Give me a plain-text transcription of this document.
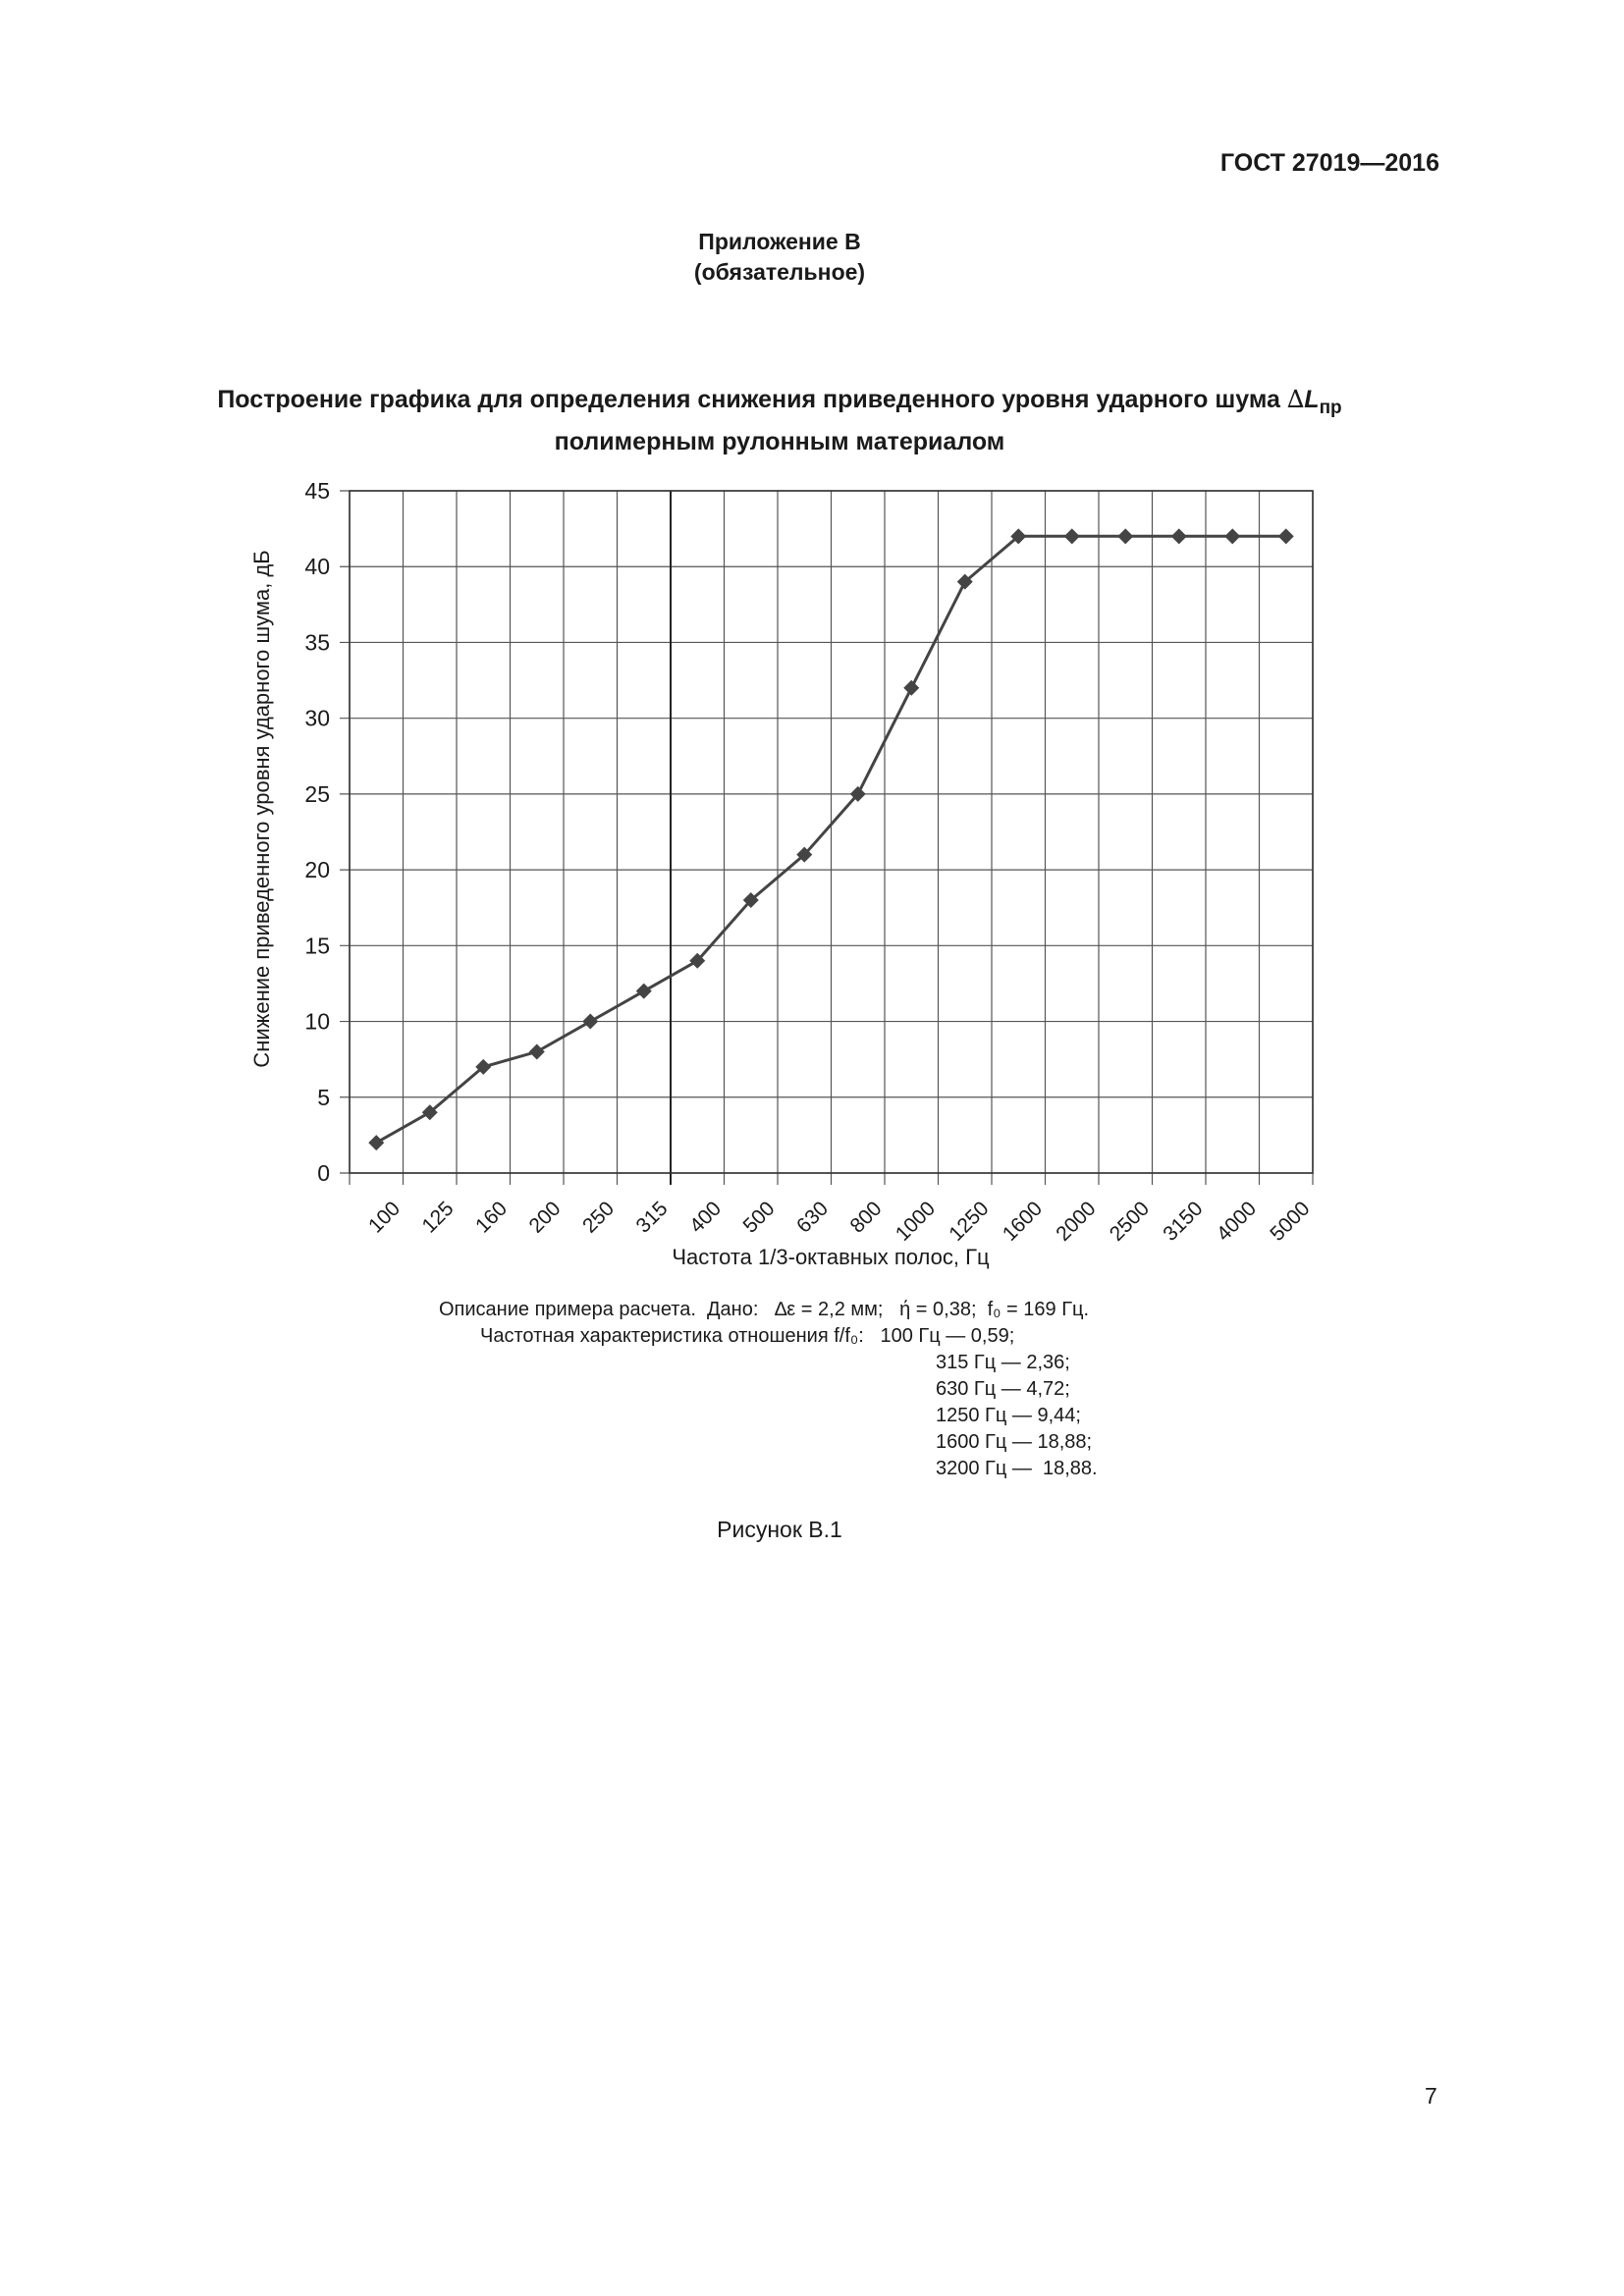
ГОСТ 27019—2016
Приложение В
(обязательное)
Построение графика для определения снижения приведенного уровня ударного шума $\Delta L_{пр}$
полимерным рулонным материалом
0
5
10
15
20
25
30
35
40
45
100 125 160 200 250 315 400 500 630 800 1000 1250 1600 2000 2500 3150 4000 5000
Снижение приведенного уровня ударного шума, дБ
Частота 1/3-октавных полос, Гц
Описание примера расчета.  Дано:   ∆ε = 2,2 мм;   ή = 0,38;  f₀ = 169 Гц.
Частотная характеристика отношения f/f₀:   100 Гц — 0,59;
315 Гц — 2,36;
630 Гц — 4,72;
1250 Гц — 9,44;
1600 Гц — 18,88;
3200 Гц —  18,88.
Рисунок В.1
7
